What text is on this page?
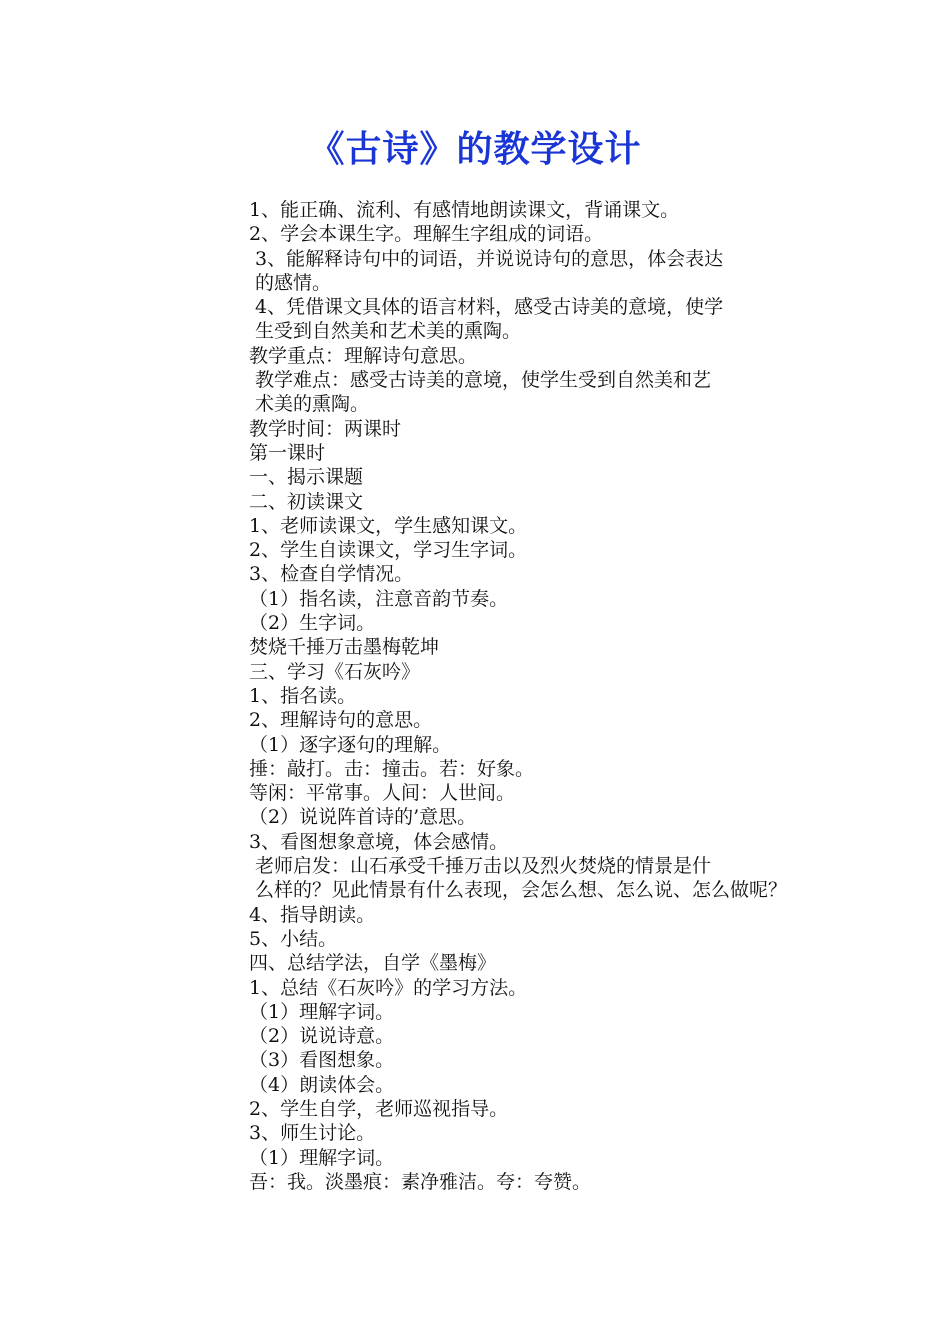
《古诗》的教学设计

1、能正确、流利、有感情地朗读课文，背诵课文。

2、学会本课生字。理解生字组成的词语。

3、能解释诗句中的词语，并说说诗句的意思，体会表达
的感情。

4、凭借课文具体的语言材料，感受古诗美的意境，使学
生受到自然美和艺术美的熏陶。

教学重点：理解诗句意思。

教学难点：感受古诗美的意境，使学生受到自然美和艺
术美的熏陶。

教学时间：两课时

第一课时

一、揭示课题

二、初读课文

1、老师读课文，学生感知课文。

2、学生自读课文，学习生字词。

3、检查自学情况。

（1）指名读，注意音韵节奏。

（2）生字词。

焚烧千捶万击墨梅乾坤

三、学习《石灰吟》

1、指名读。

2、理解诗句的意思。

（1）逐字逐句的理解。

捶：敲打。击：撞击。若：好象。

等闲：平常事。人间：人世间。

（2）说说阵首诗的’意思。

3、看图想象意境，体会感情。

老师启发：山石承受千捶万击以及烈火焚烧的情景是什
么样的？见此情景有什么表现，会怎么想、怎么说、怎么做呢？

4、指导朗读。

5、小结。

四、总结学法，自学《墨梅》

1、总结《石灰吟》的学习方法。

（1）理解字词。

（2）说说诗意。

（3）看图想象。

（4）朗读体会。

2、学生自学，老师巡视指导。

3、师生讨论。

（1）理解字词。

吾：我。淡墨痕：素净雅洁。夸：夸赞。
